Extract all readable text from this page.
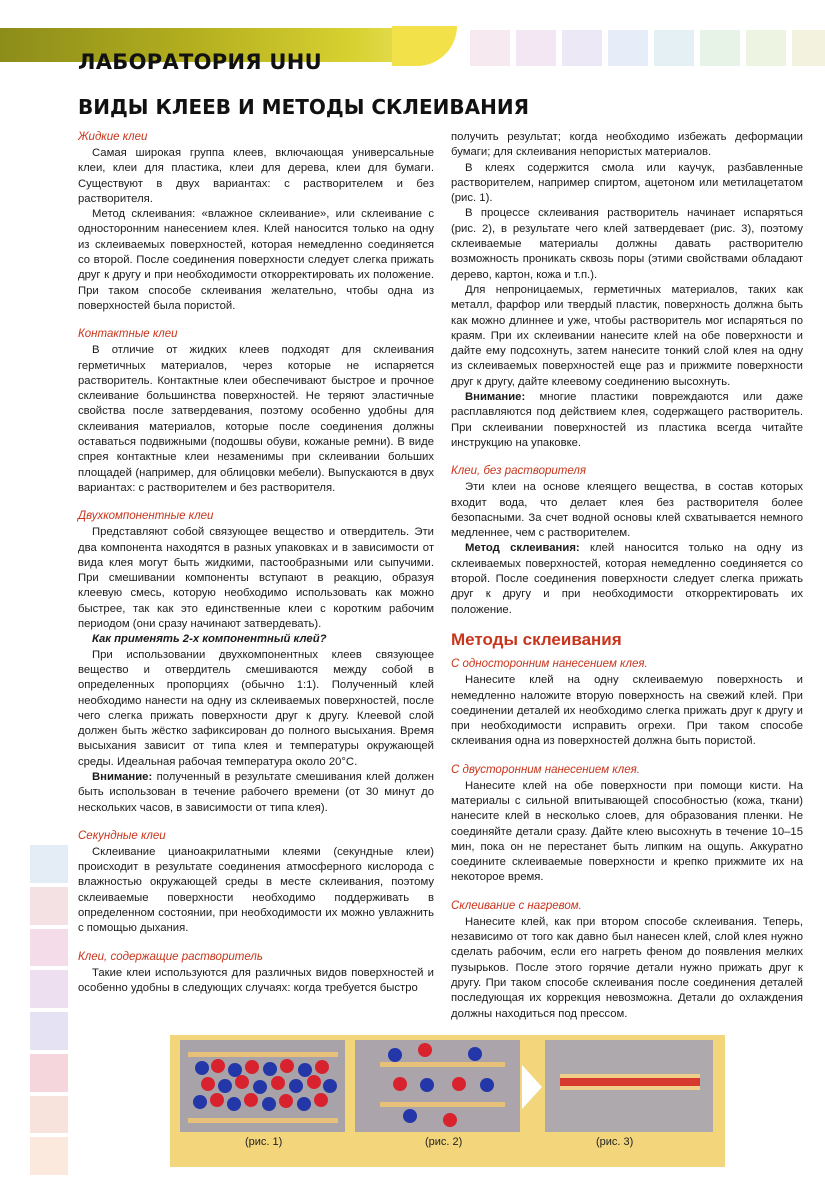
ЛАБОРАТОРИЯ UHU
ВИДЫ КЛЕЕВ И МЕТОДЫ СКЛЕИВАНИЯ
Жидкие клеи

Самая широкая группа клеев, включающая универсальные клеи, клеи для пластика, клеи для дерева, клеи для бумаги. Существуют в двух вариантах: с растворителем и без растворителя.

Метод склеивания: «влажное склеивание», или склеивание с односторонним нанесением клея. Клей наносится только на одну из склеиваемых поверхностей, которая немедленно соединяется со второй. После соединения поверхности следует слегка прижать друг к другу и при необходимости откорректировать их положение. При таком способе склеивания желательно, чтобы одна из поверхностей была пористой.

Контактные клеи

В отличие от жидких клеев подходят для склеивания герметичных материалов, через которые не испаряется растворитель. Контактные клеи обеспечивают быстрое и прочное склеивание большинства поверхностей. Не теряют эластичные свойства после затвердевания, поэтому особенно удобны для склеивания материалов, которые после соединения должны оставаться подвижными (подошвы обуви, кожаные ремни). В виде спрея контактные клеи незаменимы при склеивании больших площадей (например, для облицовки мебели). Выпускаются в двух вариантах: с растворителем и без растворителя.

Двухкомпонентные клеи

Представляют собой связующее вещество и отвердитель. Эти два компонента находятся в разных упаковках и в зависимости от вида клея могут быть жидкими, пастообразными или сыпучими. При смешивании компоненты вступают в реакцию, образуя клеевую смесь, которую необходимо использовать как можно быстрее, так как это единственные клеи с коротким рабочим периодом (они сразу начинают затвердевать).

Как применять 2-х компонентный клей?

При использовании двухкомпонентных клеев связующее вещество и отвердитель смешиваются между собой в определенных пропорциях (обычно 1:1). Полученный клей необходимо нанести на одну из склеиваемых поверхностей, после чего слегка прижать поверхности друг к другу. Клеевой слой должен быть жёстко зафиксирован до полного высыхания. Время высыхания зависит от типа клея и температуры окружающей среды. Идеальная рабочая температура около 20°С.

Внимание: полученный в результате смешивания клей должен быть использован в течение рабочего времени (от 30 минут до нескольких часов, в зависимости от типа клея).

Секундные клеи

Склеивание цианоакрилатными клеями (секундные клеи) происходит в результате соединения атмосферного кислорода с влажностью окружающей среды в месте склеивания, поэтому склеиваемые поверхности необходимо поддерживать в определенном состоянии, при необходимости их можно увлажнить с помощью дыхания.

Клеи, содержащие растворитель

Такие клеи используются для различных видов поверхностей и особенно удобны в следующих случаях: когда требуется быстро

получить результат; когда необходимо избежать деформации бумаги; для склеивания непористых материалов.

В клеях содержится смола или каучук, разбавленные растворителем, например спиртом, ацетоном или метилацетатом (рис. 1).

В процессе склеивания растворитель начинает испаряться (рис. 2), в результате чего клей затвердевает (рис. 3), поэтому склеиваемые материалы должны давать растворителю возможность проникать сквозь поры (этими свойствами обладают дерево, картон, кожа и т.п.).

Для непроницаемых, герметичных материалов, таких как металл, фарфор или твердый пластик, поверхность должна быть как можно длиннее и уже, чтобы растворитель мог испаряться по краям. При их склеивании нанесите клей на обе поверхности и дайте ему подсохнуть, затем нанесите тонкий слой клея на одну из склеиваемых поверхностей еще раз и прижмите поверхности друг к другу, дайте клеевому соединению высохнуть.

Внимание: многие пластики повреждаются или даже расплавляются под действием клея, содержащего растворитель. При склеивании поверхностей из пластика всегда читайте инструкцию на упаковке.

Клеи, без растворителя

Эти клеи на основе клеящего вещества, в состав которых входит вода, что делает клея без растворителя более безопасными. За счет водной основы клей схватывается немного медленнее, чем с растворителем.

Метод склеивания: клей наносится только на одну из склеиваемых поверхностей, которая немедленно соединяется со второй. После соединения поверхности следует слегка прижать друг к другу и при необходимости откорректировать их положение.

Методы склеивания
С односторонним нанесением клея.

Нанесите клей на одну склеиваемую поверхность и немедленно наложите вторую поверхность на свежий клей. При соединении деталей их необходимо слегка прижать друг к другу и при необходимости исправить огрехи. При таком способе склеивания одна из поверхностей должна быть пористой.

С двусторонним нанесением клея.

Нанесите клей на обе поверхности при помощи кисти. На материалы с сильной впитывающей способностью (кожа, ткани) нанесите клей в несколько слоев, для образования пленки. Не соединяйте детали сразу. Дайте клею высохнуть в течение 10–15 мин, пока он не перестанет быть липким на ощупь. Аккуратно соедините склеиваемые поверхности и крепко прижмите их на некоторое время.

Склеивание с нагревом.

Нанесите клей, как при втором способе склеивания. Теперь, независимо от того как давно был нанесен клей, слой клея нужно сделать рабочим, если его нагреть феном до появления мелких пузырьков. После этого горячие детали нужно прижать друг к другу. При таком способе склеивания после соединения деталей последующая их коррекция невозможна. Детали до охлаждения должны находиться под прессом.

(рис. 1)	(рис. 2)	(рис. 3)
